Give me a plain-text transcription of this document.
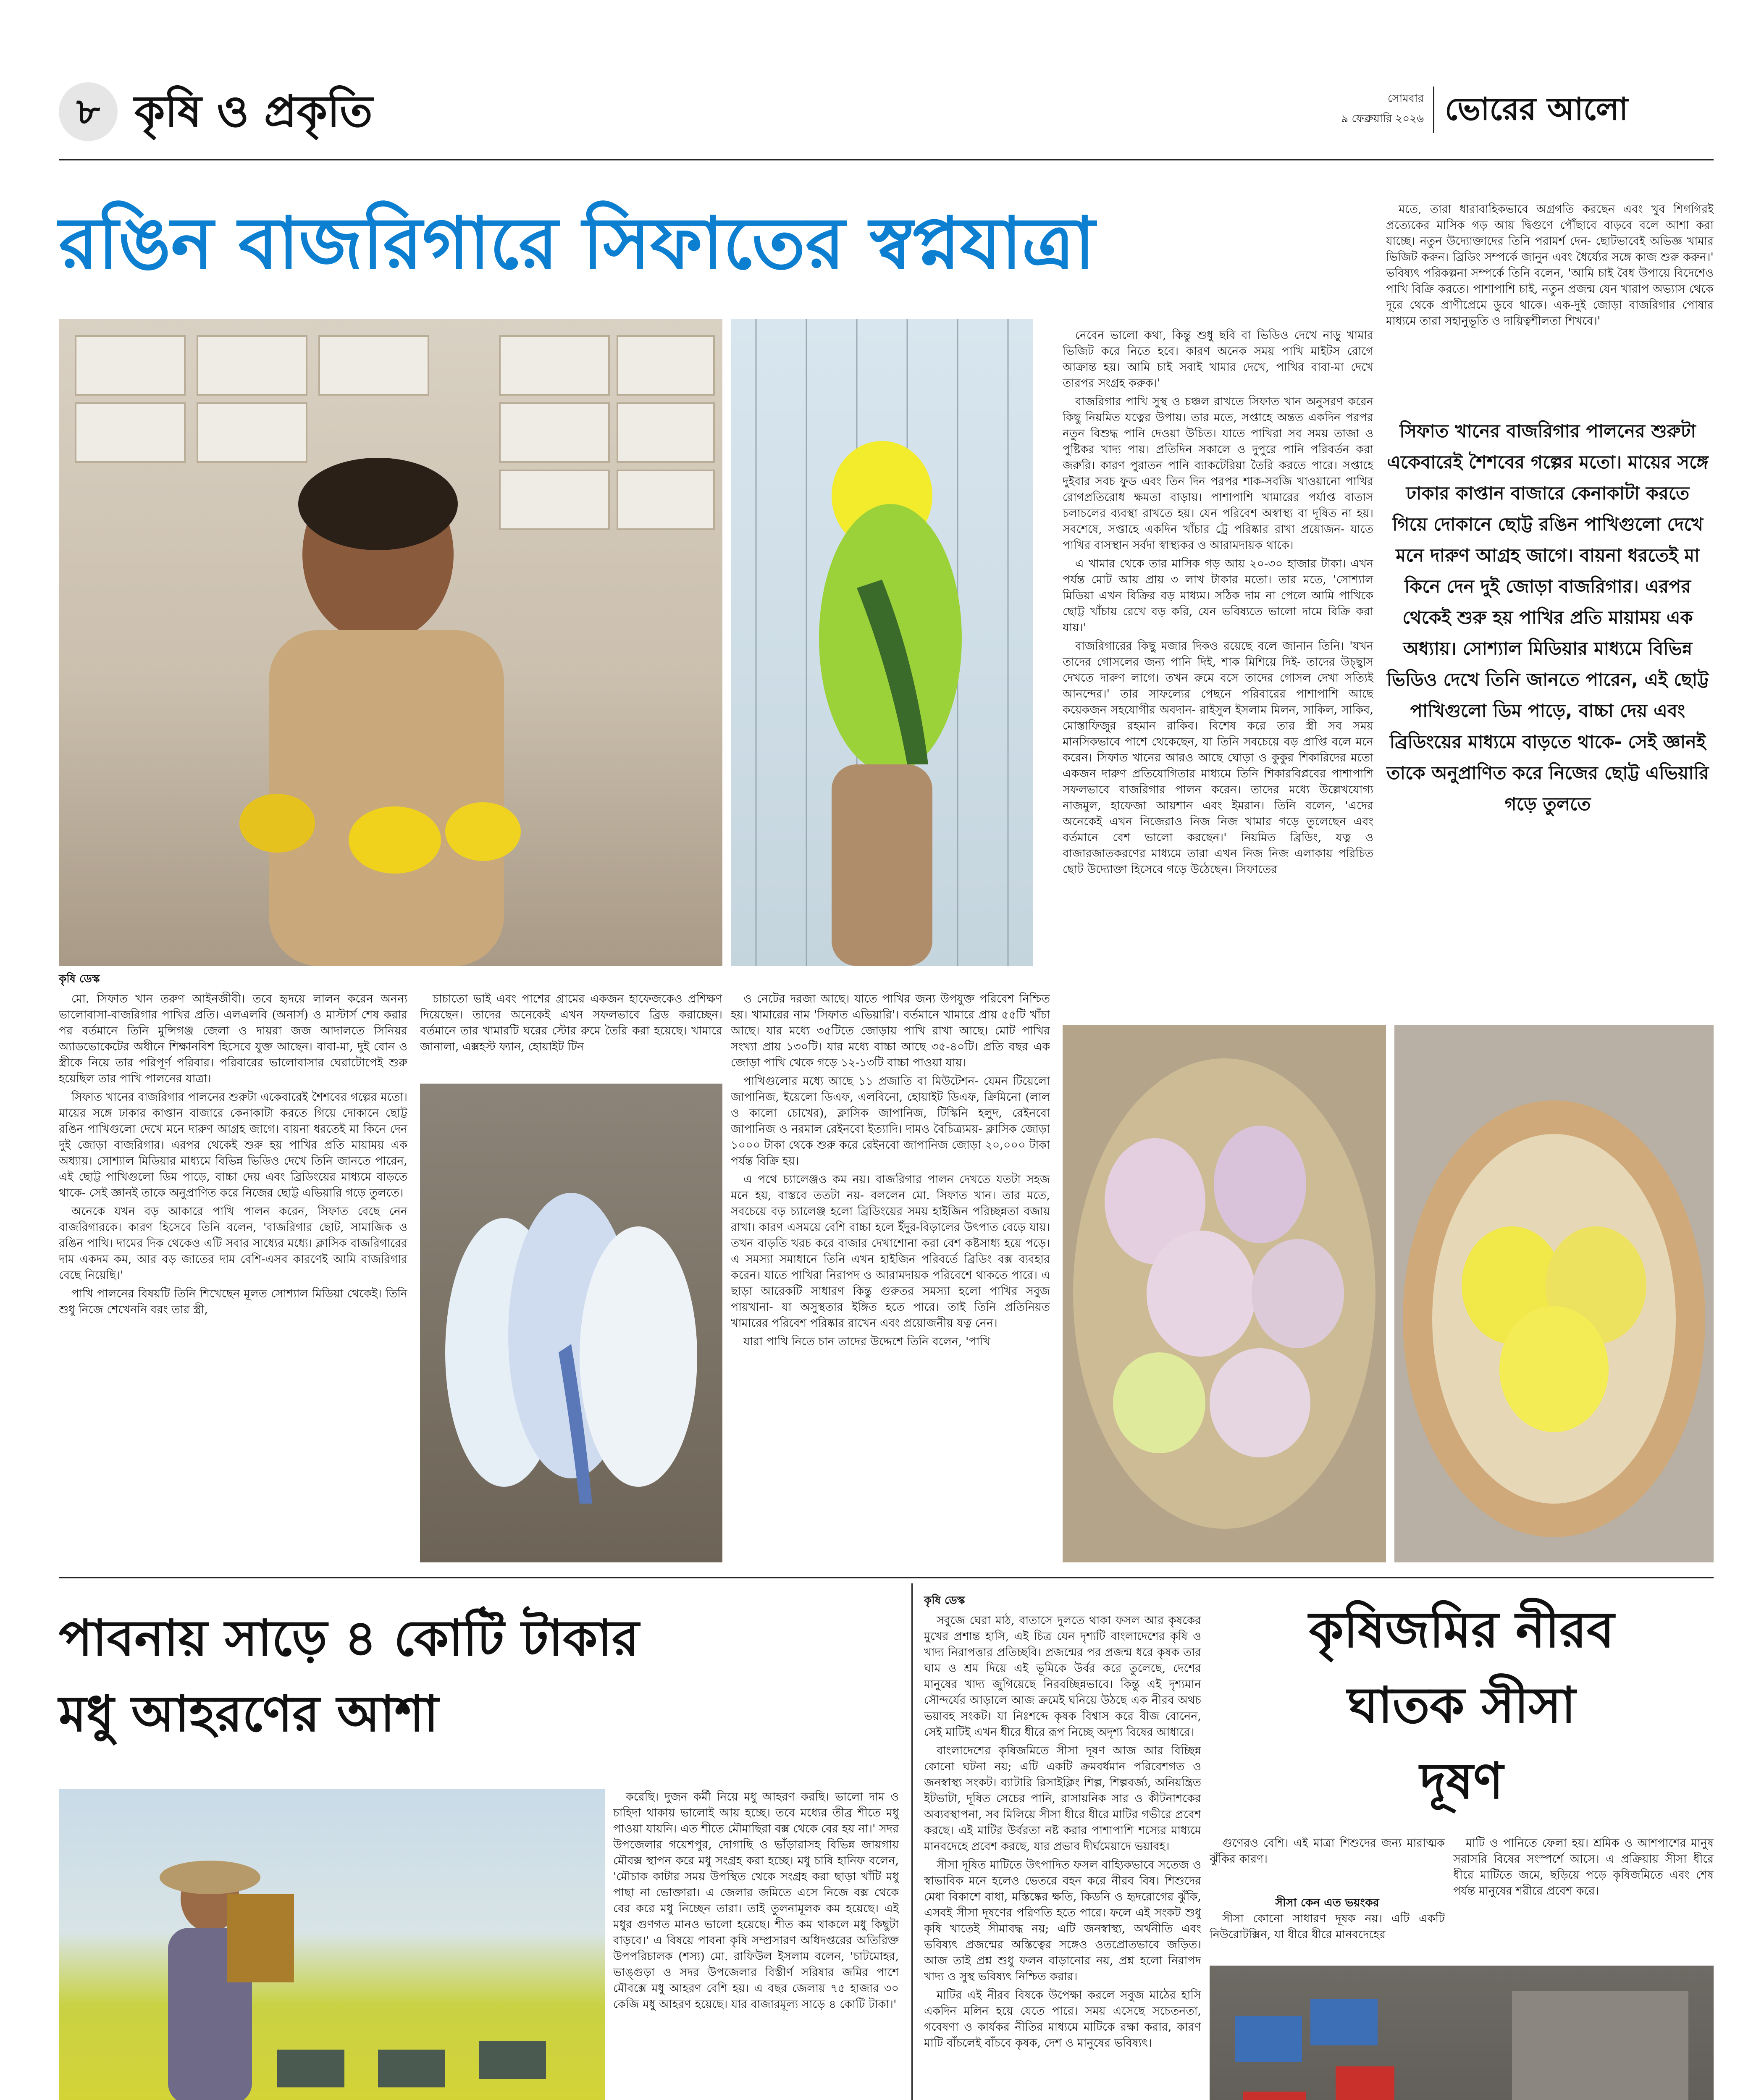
৮ কৃষি ও প্রকৃতি	সোমবার
৯ ফেব্রুয়ারি ২০২৬ ভোরের আলো
রঙিন বাজরিগারে সিফাতের স্বপ্নযাত্রা
কৃষি ডেস্ক

মো. সিফাত খান তরুণ আইনজীবী। তবে হৃদয়ে লালন করেন অনন্য ভালোবাসা-বাজরিগার পাখির প্রতি। এলএলবি (অনার্স) ও মাস্টার্স শেষ করার পর বর্তমানে তিনি মুন্সিগঞ্জ জেলা ও দায়রা জজ আদালতে সিনিয়র অ্যাডভোকেটের অধীনে শিক্ষানবিশ হিসেবে যুক্ত আছেন। বাবা-মা, দুই বোন ও স্ত্রীকে নিয়ে তার পরিপূর্ণ পরিবার। পরিবারের ভালোবাসার ঘেরাটোপেই শুরু হয়েছিল তার পাখি পালনের যাত্রা।

সিফাত খানের বাজরিগার পালনের শুরুটা একেবারেই শৈশবের গল্পের মতো। মায়ের সঙ্গে ঢাকার কাপ্তান বাজারে কেনাকাটা করতে গিয়ে দোকানে ছোট্ট রঙিন পাখিগুলো দেখে মনে দারুণ আগ্রহ জাগে। বায়না ধরতেই মা কিনে দেন দুই জোড়া বাজরিগার। এরপর থেকেই শুরু হয় পাখির প্রতি মায়াময় এক অধ্যায়। সোশ্যাল মিডিয়ার মাধ্যমে বিভিন্ন ভিডিও দেখে তিনি জানতে পারেন, এই ছোট্ট পাখিগুলো ডিম পাড়ে, বাচ্চা দেয় এবং ব্রিডিংয়ের মাধ্যমে বাড়তে থাকে- সেই জ্ঞানই তাকে অনুপ্রাণিত করে নিজের ছোট্ট এভিয়ারি গড়ে তুলতে।

অনেকে যখন বড় আকারে পাখি পালন করেন, সিফাত বেছে নেন বাজরিগারকে। কারণ হিসেবে তিনি বলেন, 'বাজরিগার ছোট, সামাজিক ও রঙিন পাখি। দামের দিক থেকেও এটি সবার সাধ্যের মধ্যে। ক্লাসিক বাজরিগারের দাম একদম কম, আর বড় জাতের দাম বেশি-এসব কারণেই আমি বাজরিগার বেছে নিয়েছি।'

পাখি পালনের বিষয়টি তিনি শিখেছেন মূলত সোশ্যাল মিডিয়া থেকেই। তিনি শুধু নিজে শেখেননি বরং তার স্ত্রী,

চাচাতো ভাই এবং পাশের গ্রামের একজন হাফেজকেও প্রশিক্ষণ দিয়েছেন। তাদের অনেকেই এখন সফলভাবে ব্রিড করাচ্ছেন। বর্তমানে তার খামারটি ঘরের স্টোর রুমে তৈরি করা হয়েছে। খামারে জানালা, এক্সহস্ট ফ্যান, হোয়াইট টিন

ও নেটের দরজা আছে। যাতে পাখির জন্য উপযুক্ত পরিবেশ নিশ্চিত হয়। খামারের নাম 'সিফাত এভিয়ারি'। বর্তমানে খামারে প্রায় ৫৫টি খাঁচা আছে। যার মধ্যে ৩৫টিতে জোড়ায় পাখি রাখা আছে। মোট পাখির সংখ্যা প্রায় ১৩০টি। যার মধ্যে বাচ্চা আছে ৩৫-৪০টি। প্রতি বছর এক জোড়া পাখি থেকে গড়ে ১২-১৩টি বাচ্চা পাওয়া যায়।

পাখিগুলোর মধ্যে আছে ১১ প্রজাতি বা মিউটেশন- যেমন টিয়েলো জাপানিজ, ইয়েলো ডিএফ, এলবিনো, হোয়াইট ডিএফ, ক্রিমিনো (লাল ও কালো চোখের), ক্লাসিক জাপানিজ, টিস্কিনি হলুদ, রেইনবো জাপানিজ ও নরমাল রেইনবো ইত্যাদি। দামও বৈচিত্র্যময়- ক্লাসিক জোড়া ১০০০ টাকা থেকে শুরু করে রেইনবো জাপানিজ জোড়া ২০,০০০ টাকা পর্যন্ত বিক্রি হয়।

এ পথে চ্যালেঞ্জও কম নয়। বাজরিগার পালন দেখতে যতটা সহজ মনে হয়, বাস্তবে ততটা নয়- বললেন মো. সিফাত খান। তার মতে, সবচেয়ে বড় চ্যালেঞ্জ হলো ব্রিডিংয়ের সময় হাইজিন পরিচ্ছন্নতা বজায় রাখা। কারণ এসময়ে বেশি বাচ্চা হলে ইঁদুর-বিড়ালের উৎপাত বেড়ে যায়। তখন বাড়তি খরচ করে বাজার দেখাশোনা করা বেশ কষ্টসাধ্য হয়ে পড়ে। এ সমস্যা সমাধানে তিনি এখন হাইজিন পরিবর্তে ব্রিডিং বক্স ব্যবহার করেন। যাতে পাখিরা নিরাপদ ও আরামদায়ক পরিবেশে থাকতে পারে। এ ছাড়া আরেকটি সাধারণ কিন্তু গুরুতর সমস্যা হলো পাখির সবুজ পায়খানা- যা অসুস্থতার ইঙ্গিত হতে পারে। তাই তিনি প্রতিনিয়ত খামারের পরিবেশ পরিষ্কার রাখেন এবং প্রয়োজনীয় যত্ন নেন।

যারা পাখি নিতে চান তাদের উদ্দেশে তিনি বলেন, 'পাখি

নেবেন ভালো কথা, কিন্তু শুধু ছবি বা ভিডিও দেখে নাড়ু খামার ভিজিট করে নিতে হবে। কারণ অনেক সময় পাখি মাইটস রোগে আক্রান্ত হয়। আমি চাই সবাই খামার দেখে, পাখির বাবা-মা দেখে তারপর সংগ্রহ করুক।'

বাজরিগার পাখি সুস্থ ও চঞ্চল রাখতে সিফাত খান অনুসরণ করেন কিছু নিয়মিত যত্নের উপায়। তার মতে, সপ্তাহে অন্তত একদিন পরপর নতুন বিশুদ্ধ পানি দেওয়া উচিত। যাতে পাখিরা সব সময় তাজা ও পুষ্টিকর খাদ্য পায়। প্রতিদিন সকালে ও দুপুরে পানি পরিবর্তন করা জরুরি। কারণ পুরাতন পানি ব্যাকটেরিয়া তৈরি করতে পারে। সপ্তাহে দুইবার সবচ ফুড এবং তিন দিন পরপর শাক-সবজি খাওয়ানো পাখির রোগপ্রতিরোধ ক্ষমতা বাড়ায়। পাশাপাশি খামারের পর্যাপ্ত বাতাস চলাচলের ব্যবস্থা রাখতে হয়। যেন পরিবেশ অস্বাস্থ্য বা দূষিত না হয়। সবশেষে, সপ্তাহে একদিন খাঁচার ট্রে পরিষ্কার রাখা প্রয়োজন- যাতে পাখির বাসস্থান সর্বদা স্বাস্থ্যকর ও আরামদায়ক থাকে।

এ খামার থেকে তার মাসিক গড় আয় ২০-৩০ হাজার টাকা। এখন পর্যন্ত মোট আয় প্রায় ৩ লাখ টাকার মতো। তার মতে, 'সোশ্যাল মিডিয়া এখন বিক্রির বড় মাধ্যম। সঠিক দাম না পেলে আমি পাখিকে ছোট্ট খাঁচায় রেখে বড় করি, যেন ভবিষ্যতে ভালো দামে বিক্রি করা যায়।'

বাজরিগারের কিছু মজার দিকও রয়েছে বলে জানান তিনি। 'যখন তাদের গোসলের জন্য পানি দিই, শাক মিশিয়ে দিই- তাদের উচ্ছ্বাস দেখতে দারুণ লাগে। তখন রুমে বসে তাদের গোসল দেখা সত্যিই আনন্দের।' তার সাফল্যের পেছনে পরিবারের পাশাপাশি আছে কয়েকজন সহযোগীর অবদান- রাইসুল ইসলাম মিলন, সাকিল, সাকিব, মোস্তাফিজুর রহমান রাকিব। বিশেষ করে তার স্ত্রী সব সময় মানসিকভাবে পাশে থেকেছেন, যা তিনি সবচেয়ে বড় প্রাপ্তি বলে মনে করেন। সিফাত খানের আরও আছে ঘোড়া ও কুকুর শিকারিদের মতো একজন দারুণ প্রতিযোগিতার মাধ্যমে তিনি শিকারবিপ্লবের পাশাপাশি সফলভাবে বাজরিগার পালন করেন। তাদের মধ্যে উল্লেখযোগ্য নাজমুল, হাফেজা আয়শান এবং ইমরান। তিনি বলেন, 'এদের অনেকেই এখন নিজেরাও নিজ নিজ খামার গড়ে তুলেছেন এবং বর্তমানে বেশ ভালো করছেন।' নিয়মিত ব্রিডিং, যত্ন ও বাজারজাতকরণের মাধ্যমে তারা এখন নিজ নিজ এলাকায় পরিচিত ছোট উদ্যোক্তা হিসেবে গড়ে উঠেছেন। সিফাতের

মতে, তারা ধারাবাহিকভাবে অগ্রগতি করছেন এবং খুব শিগগিরই প্রত্যেকের মাসিক গড় আয় দ্বিগুণে পৌঁছাবে বাড়বে বলে আশা করা যাচ্ছে। নতুন উদ্যোক্তাদের তিনি পরামর্শ দেন- ছোটভাবেই অভিজ্ঞ খামার ভিজিট করুন। ব্রিডিং সম্পর্কে জানুন এবং ধৈর্য্যের সঙ্গে কাজ শুরু করুন।' ভবিষ্যৎ পরিকল্পনা সম্পর্কে তিনি বলেন, 'আমি চাই বৈধ উপায়ে বিদেশেও পাখি বিক্রি করতে। পাশাপাশি চাই, নতুন প্রজন্ম যেন খারাপ অভ্যাস থেকে দূরে থেকে প্রাণীপ্রেমে ডুবে থাকে। এক-দুই জোড়া বাজরিগার পোষার মাধ্যমে তারা সহানুভূতি ও দায়িত্বশীলতা শিখবে।'

সিফাত খানের বাজরিগার পালনের শুরুটা একেবারেই শৈশবের গল্পের মতো। মায়ের সঙ্গে ঢাকার কাপ্তান বাজারে কেনাকাটা করতে গিয়ে দোকানে ছোট্ট রঙিন পাখিগুলো দেখে মনে দারুণ আগ্রহ জাগে। বায়না ধরতেই মা কিনে দেন দুই জোড়া বাজরিগার। এরপর থেকেই শুরু হয় পাখির প্রতি মায়াময় এক অধ্যায়। সোশ্যাল মিডিয়ার মাধ্যমে বিভিন্ন ভিডিও দেখে তিনি জানতে পারেন, এই ছোট্ট পাখিগুলো ডিম পাড়ে, বাচ্চা দেয় এবং ব্রিডিংয়ের মাধ্যমে বাড়তে থাকে- সেই জ্ঞানই তাকে অনুপ্রাণিত করে নিজের ছোট্ট এভিয়ারি গড়ে তুলতে
পাবনায় সাড়ে ৪ কোটি টাকার
মধু আহরণের আশা

করেছি। দুজন কর্মী নিয়ে মধু আহরণ করছি। ভালো দাম ও চাহিদা থাকায় ভালোই আয় হচ্ছে। তবে মধ্যের তীব্র শীতে মধু পাওয়া যায়নি। এত শীতে মৌমাছিরা বক্স থেকে বের হয় না।' সদর উপজেলার গয়েশপুর, দোগাছি ও ভাঁড়ারাসহ বিভিন্ন জায়গায় মৌবক্স স্থাপন করে মধু সংগ্রহ করা হচ্ছে। মধু চাষি হানিফ বলেন, 'মৌচাক কাটার সময় উপস্থিত থেকে সংগ্রহ করা ছাড়া খাঁটি মধু পাছা না ভোক্তারা। এ জেলার জমিতে এসে নিজে বক্স থেকে বের করে মধু নিচ্ছেন তারা। তাই তুলনামূলক কম হয়েছে। এই মধুর গুণগত মানও ভালো হয়েছে। শীত কম থাকলে মধু কিছুটা বাড়বে।' এ বিষয়ে পাবনা কৃষি সম্প্রসারণ অধিদপ্তরের অতিরিক্ত উপপরিচালক (শস্য) মো. রাফিউল ইসলাম বলেন, 'চাটমোহর, ভাঙ্গুড়া ও সদর উপজেলার বিস্তীর্ণ সরিষার জমির পাশে মৌবক্সে মধু আহরণ বেশি হয়। এ বছর জেলায় ৭৫ হাজার ৩০ কেজি মধু আহরণ হয়েছে। যার বাজারমূল্য সাড়ে ৪ কোটি টাকা।'

কৃষি ডেস্ক

সবুজে ঘেরা মাঠ, বাতাসে দুলতে থাকা ফসল আর কৃষকের মুখের প্রশান্ত হাসি, এই চিত্র যেন দৃশ্যটি বাংলাদেশের কৃষি ও খাদ্য নিরাপত্তার প্রতিচ্ছবি। প্রজন্মের পর প্রজন্ম ধরে কৃষক তার ঘাম ও শ্রম দিয়ে এই ভূমিকে উর্বর করে তুলেছে, দেশের মানুষের খাদ্য জুগিয়েছে নিরবচ্ছিন্নভাবে। কিন্তু এই দৃশ্যমান সৌন্দর্যের আড়ালে আজ ক্রমেই ঘনিয়ে উঠছে এক নীরব অথচ ভয়াবহ সংকট। যা নিঃশব্দে কৃষক বিশ্বাস করে বীজ বোনেন, সেই মাটিই এখন ধীরে ধীরে রূপ নিচ্ছে অদৃশ্য বিষের আধারে।

বাংলাদেশের কৃষিজমিতে সীসা দূষণ আজ আর বিচ্ছিন্ন কোনো ঘটনা নয়; এটি একটি ক্রমবর্ধমান পরিবেশগত ও জনস্বাস্থ্য সংকট। ব্যাটারি রিসাইক্লিং শিল্প, শিল্পবর্জ্য, অনিয়ন্ত্রিত ইটভাটা, দূষিত সেচের পানি, রাসায়নিক সার ও কীটনাশকের অব্যবস্থাপনা, সব মিলিয়ে সীসা ধীরে ধীরে মাটির গভীরে প্রবেশ করছে। এই মাটির উর্বরতা নষ্ট করার পাশাপাশি শস্যের মাধ্যমে মানবদেহে প্রবেশ করছে, যার প্রভাব দীর্ঘমেয়াদে ভয়াবহ।

সীসা দূষিত মাটিতে উৎপাদিত ফসল বাহ্যিকভাবে সতেজ ও স্বাভাবিক মনে হলেও ভেতরে বহন করে নীরব বিষ। শিশুদের মেধা বিকাশে বাধা, মস্তিষ্কের ক্ষতি, কিডনি ও হৃদরোগের ঝুঁকি, এসবই সীসা দূষণের পরিণতি হতে পারে। ফলে এই সংকট শুধু কৃষি খাতেই সীমাবদ্ধ নয়; এটি জনস্বাস্থ্য, অর্থনীতি এবং ভবিষ্যৎ প্রজন্মের অস্তিত্বের সঙ্গেও ওতপ্রোতভাবে জড়িত। আজ তাই প্রশ্ন শুধু ফলন বাড়ানোর নয়, প্রশ্ন হলো নিরাপদ খাদ্য ও সুস্থ ভবিষ্যৎ নিশ্চিত করার।

মাটির এই নীরব বিষকে উপেক্ষা করলে সবুজ মাঠের হাসি একদিন মলিন হয়ে যেতে পারে। সময় এসেছে সচেতনতা, গবেষণা ও কার্যকর নীতির মাধ্যমে মাটিকে রক্ষা করার, কারণ মাটি বাঁচলেই বাঁচবে কৃষক, দেশ ও মানুষের ভবিষ্যৎ।

কৃষিজমির নীরব
ঘাতক সীসা
দূষণ

গুণেরও বেশি। এই মাত্রা শিশুদের জন্য মারাত্মক ঝুঁকির কারণ।

সীসা কেন এত ভয়ংকর

সীসা কোনো সাধারণ দূষক নয়। এটি একটি নিউরোটক্সিন, যা ধীরে ধীরে মানবদেহের

মাটি ও পানিতে ফেলা হয়। শ্রমিক ও আশপাশের মানুষ সরাসরি বিষের সংস্পর্শে আসে। এ প্রক্রিয়ায় সীসা ধীরে ধীরে মাটিতে জমে, ছড়িয়ে পড়ে কৃষিজমিতে এবং শেষ পর্যন্ত মানুষের শরীরে প্রবেশ করে।
